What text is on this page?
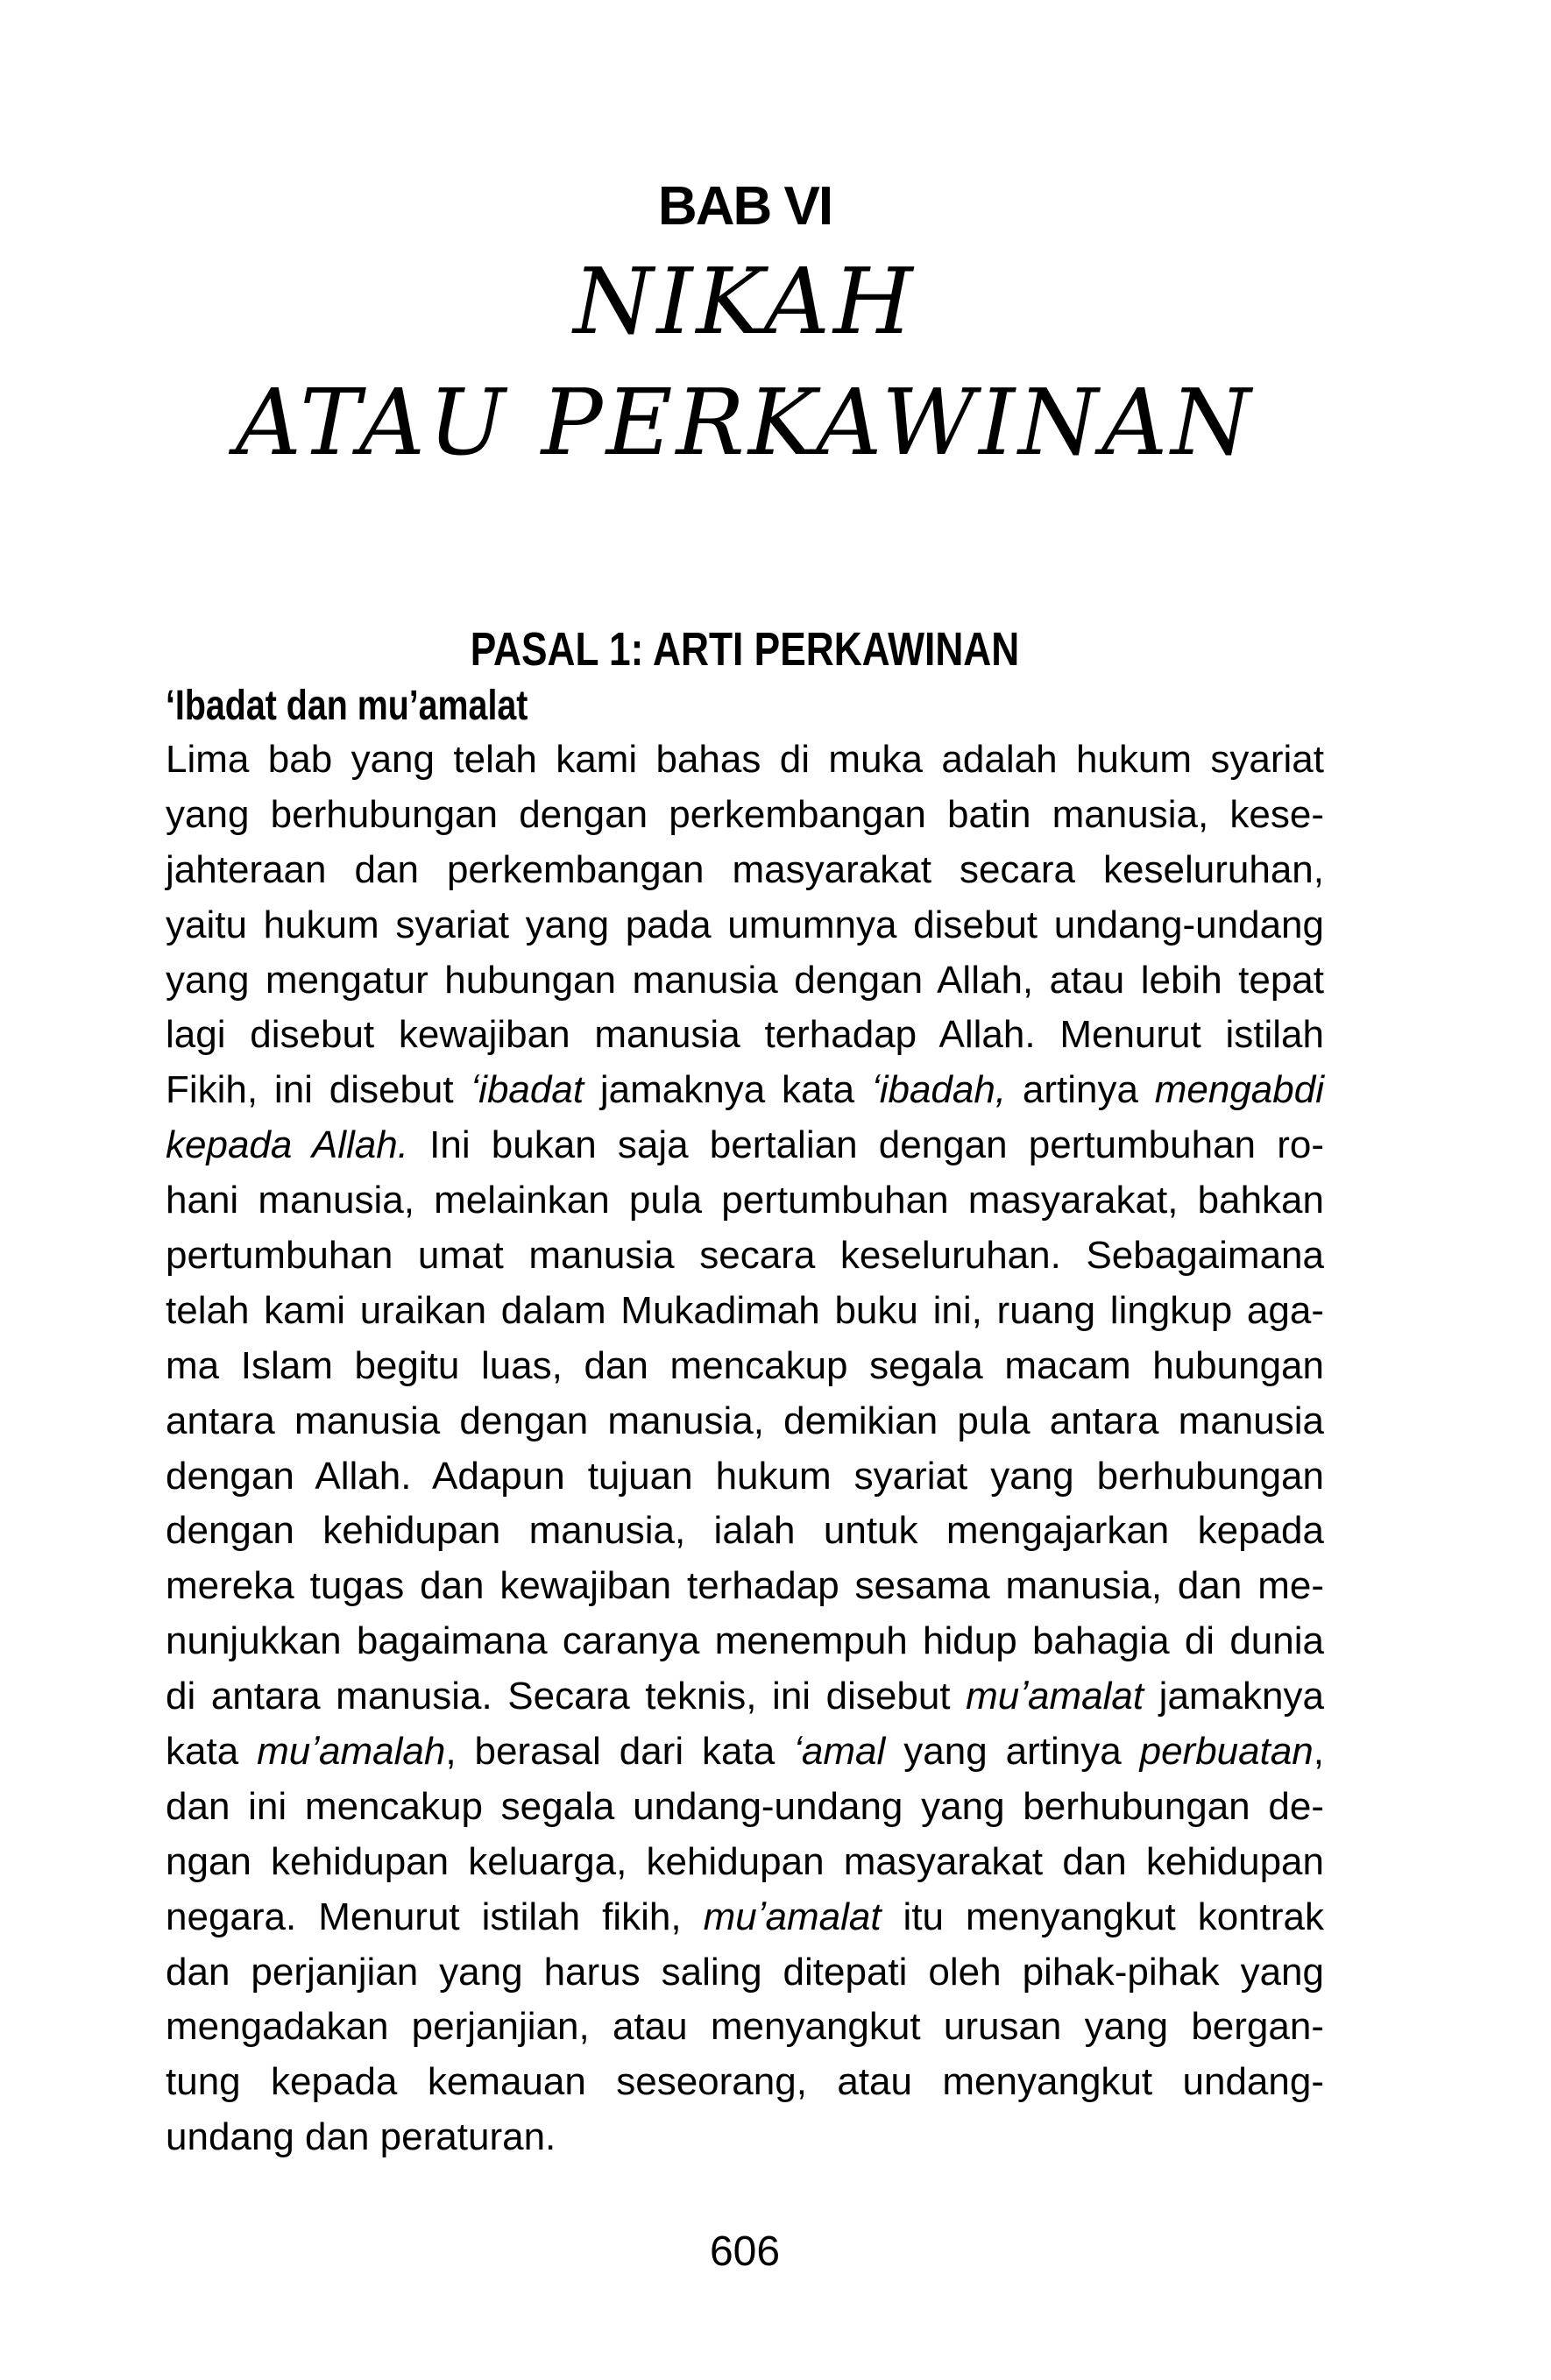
BAB VI
NIKAH
ATAU PERKAWINAN
PASAL 1: ARTI PERKAWINAN
ʻIbadat dan muʼamalat
Lima bab yang telah kami bahas di muka adalah hukum syariat
yang berhubungan dengan perkembangan batin manusia, kese-
jahteraan dan perkembangan masyarakat secara keseluruhan,
yaitu hukum syariat yang pada umumnya disebut undang-undang
yang mengatur hubungan manusia dengan Allah, atau lebih tepat
lagi disebut kewajiban manusia terhadap Allah. Menurut istilah
Fikih, ini disebut ʻibadat jamaknya kata ʻibadah, artinya mengabdi
kepada Allah. Ini bukan saja bertalian dengan pertumbuhan ro-
hani manusia, melainkan pula pertumbuhan masyarakat, bahkan
pertumbuhan umat manusia secara keseluruhan. Sebagaimana
telah kami uraikan dalam Mukadimah buku ini, ruang lingkup aga-
ma Islam begitu luas, dan mencakup segala macam hubungan
antara manusia dengan manusia, demikian pula antara manusia
dengan Allah. Adapun tujuan hukum syariat yang berhubungan
dengan kehidupan manusia, ialah untuk mengajarkan kepada
mereka tugas dan kewajiban terhadap sesama manusia, dan me-
nunjukkan bagaimana caranya menempuh hidup bahagia di dunia
di antara manusia. Secara teknis, ini disebut muʼamalat jamaknya
kata muʼamalah, berasal dari kata ʻamal yang artinya perbuatan,
dan ini mencakup segala undang-undang yang berhubungan de-
ngan kehidupan keluarga, kehidupan masyarakat dan kehidupan
negara. Menurut istilah fikih, muʼamalat itu menyangkut kontrak
dan perjanjian yang harus saling ditepati oleh pihak-pihak yang
mengadakan perjanjian, atau menyangkut urusan yang bergan-
tung kepada kemauan seseorang, atau menyangkut undang-
undang dan peraturan.
606
